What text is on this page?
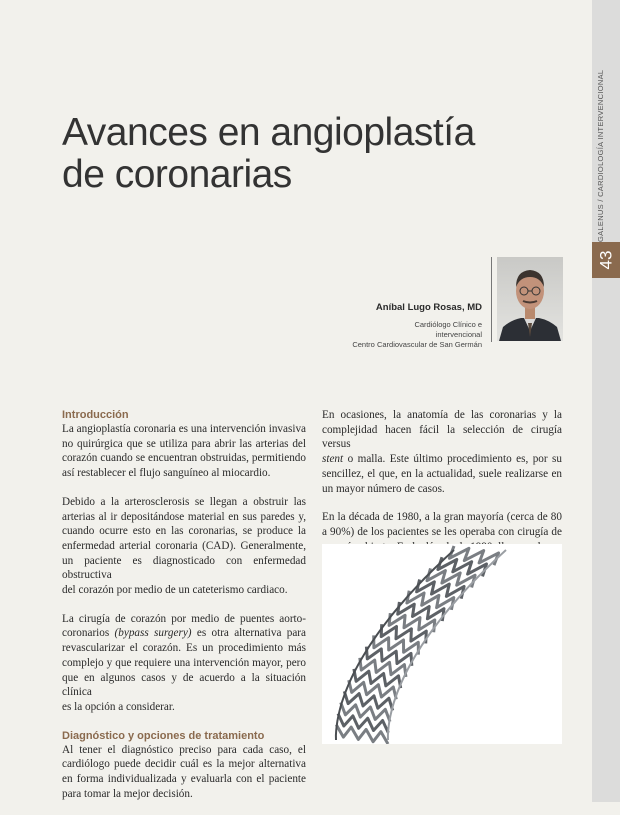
GALENUS / CARDIOLOGÍA INTERVENCIONAL
43
Avances en angioplastía
de coronarias
Aníbal Lugo Rosas, MD
Cardiólogo Clínico e
intervencional
Centro Cardiovascular de San Germán
Introducción

La angioplastía coronaria es una intervención invasiva
no quirúrgica que se utiliza para abrir las arterias del
corazón cuando se encuentran obstruidas, permitiendo
así restablecer el flujo sanguíneo al miocardio.

Debido a la arterosclerosis se llegan a obstruir las
arterias al ir depositándose material en sus paredes y,
cuando ocurre esto en las coronarias, se produce la
enfermedad arterial coronaria (CAD). Generalmente,
un paciente es diagnosticado con enfermedad obstructiva
del corazón por medio de un cateterismo cardiaco.

La cirugía de corazón por medio de puentes aorto-
coronarios (bypass surgery) es otra alternativa para
revascularizar el corazón. Es un procedimiento más
complejo y que requiere una intervención mayor, pero
que en algunos casos y de acuerdo a la situación clínica
es la opción a considerar.

Diagnóstico y opciones de tratamiento

Al tener el diagnóstico preciso para cada caso, el
cardiólogo puede decidir cuál es la mejor alternativa
en forma individualizada y evaluarla con el paciente
para tomar la mejor decisión.

En ocasiones, la anatomía de las coronarias y la
complejidad hacen fácil la selección de cirugía versus
stent o malla. Este último procedimiento es, por su
sencillez, el que, en la actualidad, suele realizarse en
un mayor número de casos.

En la década de 1980, a la gran mayoría (cerca de 80
a 90%) de los pacientes se les operaba con cirugía de
